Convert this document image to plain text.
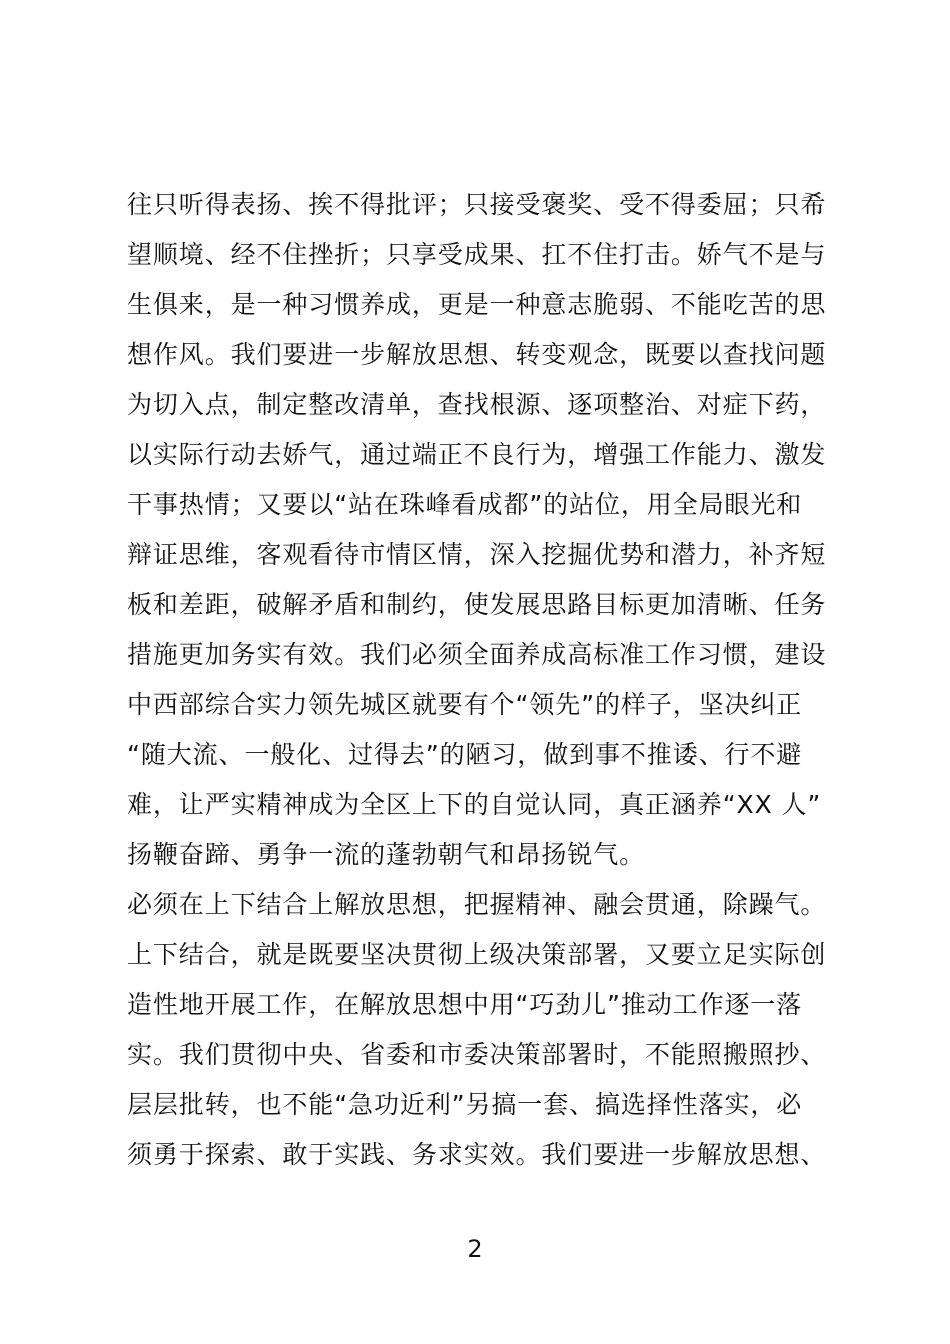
往只听得表扬、挨不得批评；只接受褒奖、受不得委屈；只希
望顺境、经不住挫折；只享受成果、扛不住打击。娇气不是与
生俱来，是一种习惯养成，更是一种意志脆弱、不能吃苦的思
想作风。我们要进一步解放思想、转变观念，既要以查找问题
为切入点，制定整改清单，查找根源、逐项整治、对症下药，
以实际行动去娇气，通过端正不良行为，增强工作能力、激发
干事热情；又要以“站在珠峰看成都”的站位，用全局眼光和
辩证思维，客观看待市情区情，深入挖掘优势和潜力，补齐短
板和差距，破解矛盾和制约，使发展思路目标更加清晰、任务
措施更加务实有效。我们必须全面养成高标准工作习惯，建设
中西部综合实力领先城区就要有个“领先”的样子，坚决纠正
“随大流、一般化、过得去”的陋习，做到事不推诿、行不避
难，让严实精神成为全区上下的自觉认同，真正涵养“XX 人”
扬鞭奋蹄、勇争一流的蓬勃朝气和昂扬锐气。
必须在上下结合上解放思想，把握精神、融会贯通，除躁气。
上下结合，就是既要坚决贯彻上级决策部署，又要立足实际创
造性地开展工作，在解放思想中用“巧劲儿”推动工作逐一落
实。我们贯彻中央、省委和市委决策部署时，不能照搬照抄、
层层批转，也不能“急功近利”另搞一套、搞选择性落实，必
须勇于探索、敢于实践、务求实效。我们要进一步解放思想、
2
